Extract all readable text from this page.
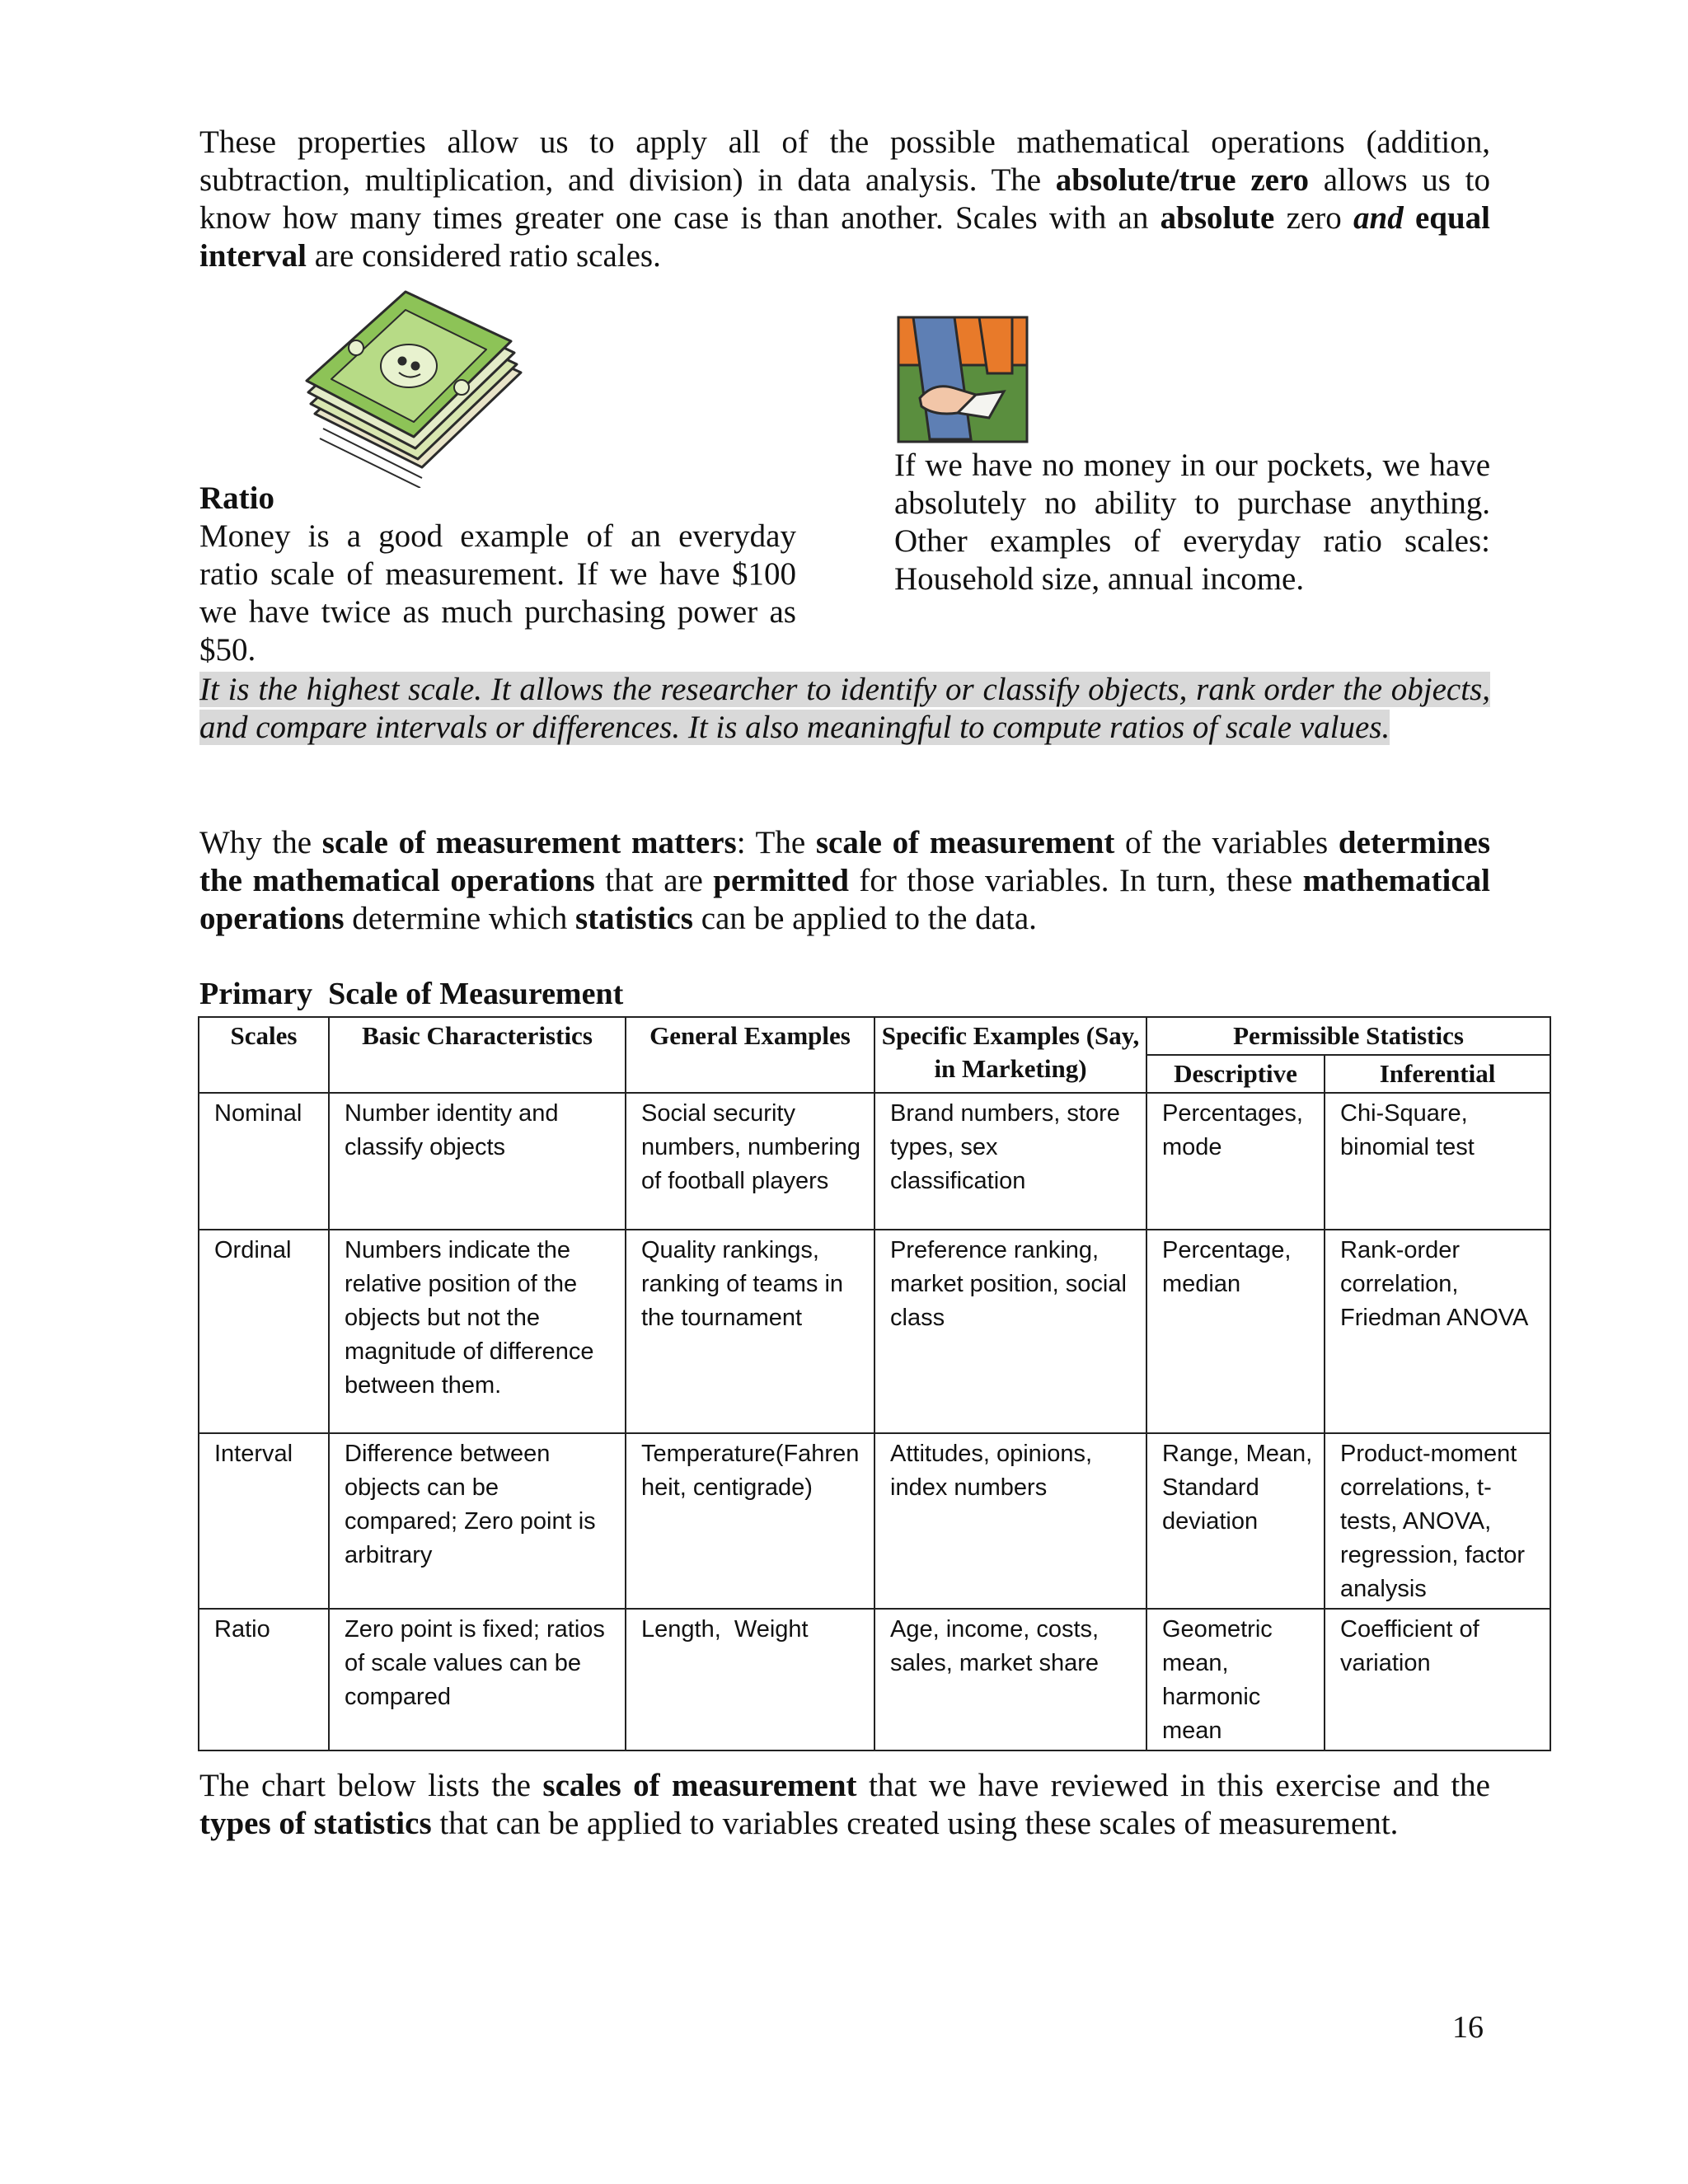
These properties allow us to apply all of the possible mathematical operations (addition, subtraction, multiplication, and division) in data analysis. The absolute/true zero allows us to know how many times greater one case is than another. Scales with an absolute zero and equal interval are considered ratio scales.
Ratio
Money is a good example of an everyday ratio scale of measurement. If we have $100 we have twice as much purchasing power as $50.
If we have no money in our pockets, we have absolutely no ability to purchase anything. Other examples of everyday ratio scales: Household size, annual income.
It is the highest scale. It allows the researcher to identify or classify objects, rank order the objects, and compare intervals or differences. It is also meaningful to compute ratios of scale values.
Why the scale of measurement matters: The scale of measurement of the variables determines the mathematical operations that are permitted for those variables. In turn, these mathematical operations determine which statistics can be applied to the data.
Primary  Scale of Measurement
Scales	Basic Characteristics	General Examples	Specific Examples (Say, in Marketing)	Permissible Statistics	
				Descriptive	Inferential
Nominal	Number identity and classify objects	Social security numbers, numbering of football players	Brand numbers, store types, sex classification	Percentages, mode	Chi-Square, binomial test
Ordinal	Numbers indicate the relative position of the objects but not the magnitude of difference between them.	Quality rankings, ranking of teams in the tournament	Preference ranking, market position, social class	Percentage, median	Rank-order correlation, Friedman ANOVA
Interval	Difference between objects can be compared; Zero point is arbitrary	Temperature(Fahrenheit, centigrade)	Attitudes, opinions, index numbers	Range, Mean, Standard deviation	Product-moment correlations, t-tests, ANOVA, regression, factor analysis
Ratio	Zero point is fixed; ratios of scale values can be compared	Length,  Weight	Age, income, costs, sales, market share	Geometric mean, harmonic mean	Coefficient of variation
The chart below lists the scales of measurement that we have reviewed in this exercise and the types of statistics that can be applied to variables created using these scales of measurement.
16
